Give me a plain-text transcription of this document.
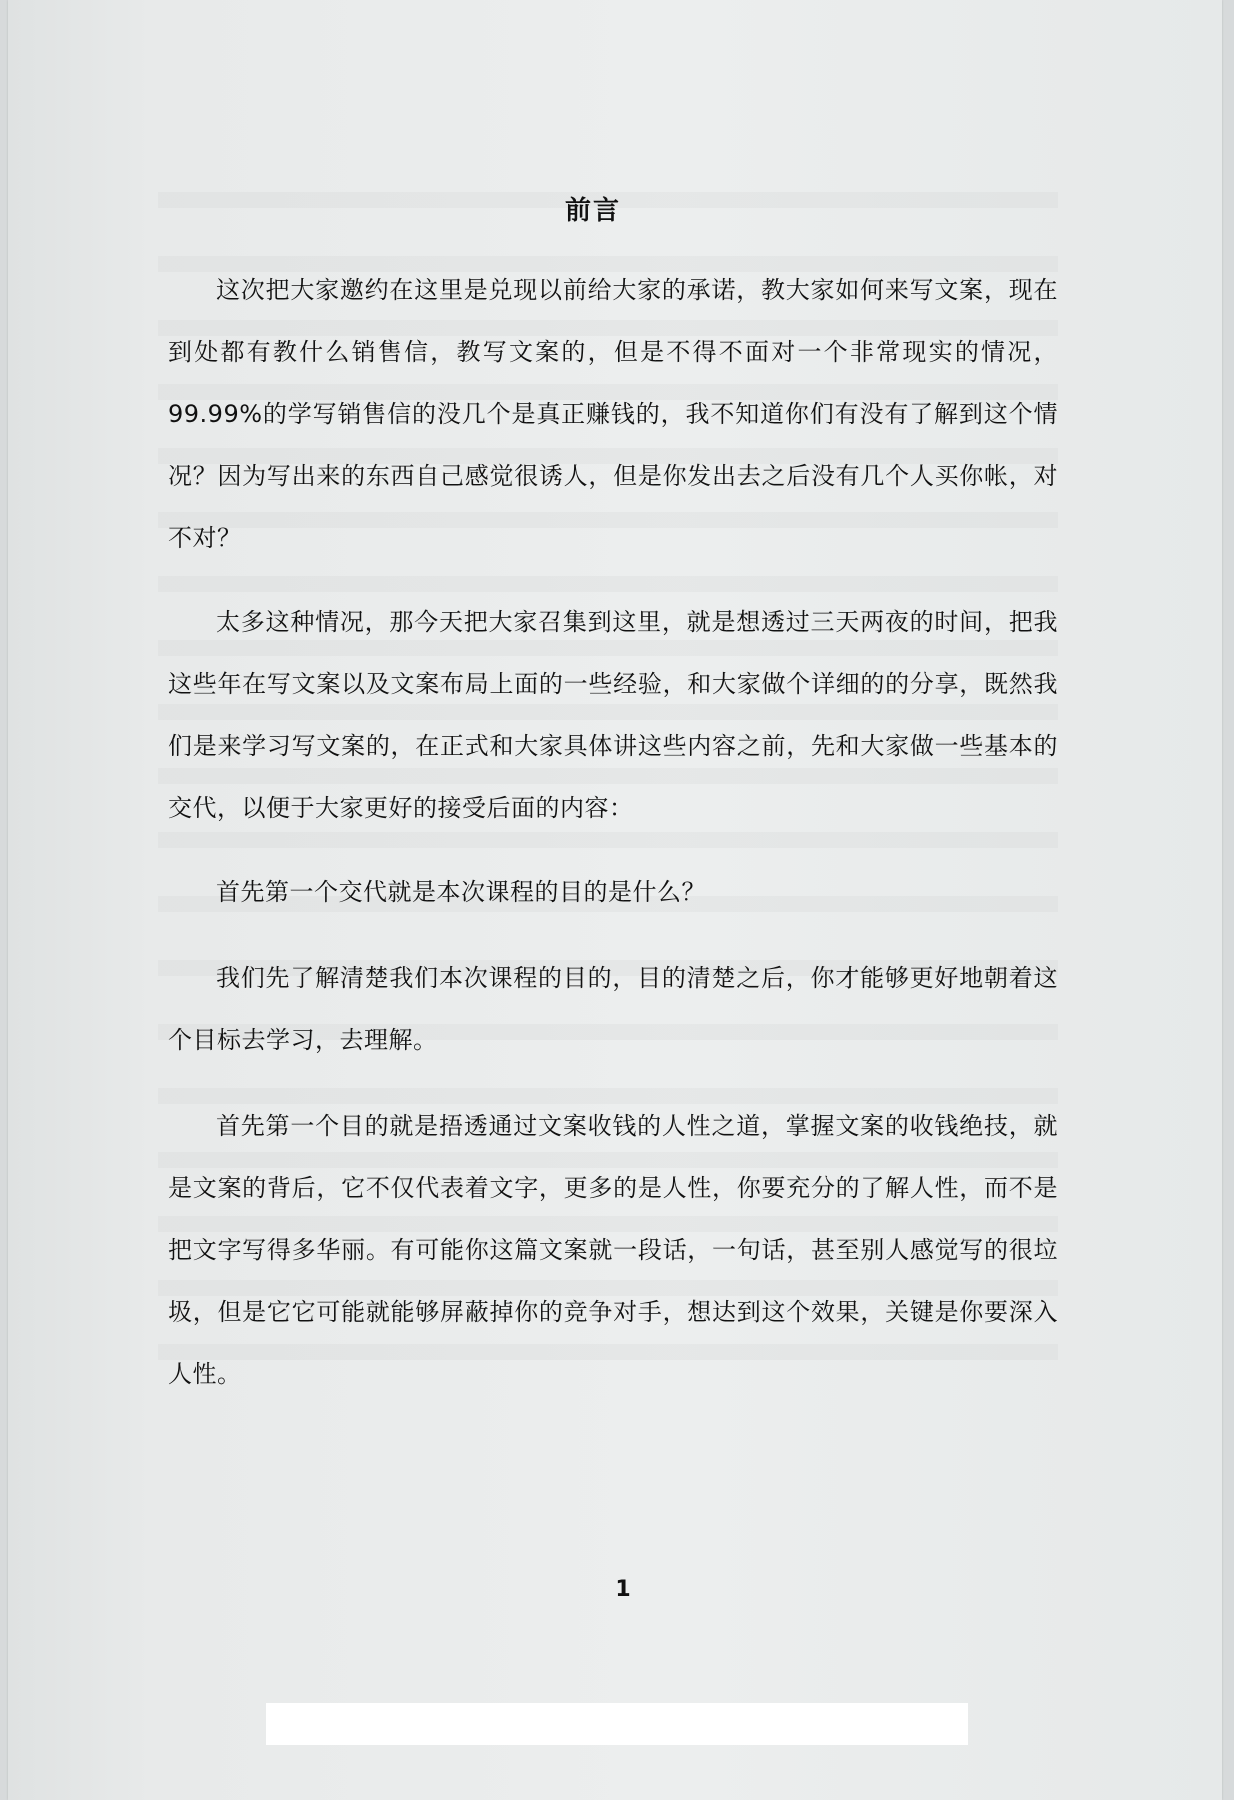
前言

这次把大家邀约在这里是兑现以前给大家的承诺，教大家如何来写文案，现在到处都有教什么销售信，教写文案的，但是不得不面对一个非常现实的情况，99.99%的学写销售信的没几个是真正赚钱的，我不知道你们有没有了解到这个情况？因为写出来的东西自己感觉很诱人，但是你发出去之后没有几个人买你帐，对不对？

太多这种情况，那今天把大家召集到这里，就是想透过三天两夜的时间，把我这些年在写文案以及文案布局上面的一些经验，和大家做个详细的的分享，既然我们是来学习写文案的，在正式和大家具体讲这些内容之前，先和大家做一些基本的交代，以便于大家更好的接受后面的内容：

首先第一个交代就是本次课程的目的是什么？

我们先了解清楚我们本次课程的目的，目的清楚之后，你才能够更好地朝着这个目标去学习，去理解。

首先第一个目的就是捂透通过文案收钱的人性之道，掌握文案的收钱绝技，就是文案的背后，它不仅代表着文字，更多的是人性，你要充分的了解人性，而不是把文字写得多华丽。有可能你这篇文案就一段话，一句话，甚至别人感觉写的很垃圾，但是它它可能就能够屏蔽掉你的竞争对手，想达到这个效果，关键是你要深入人性。

1
